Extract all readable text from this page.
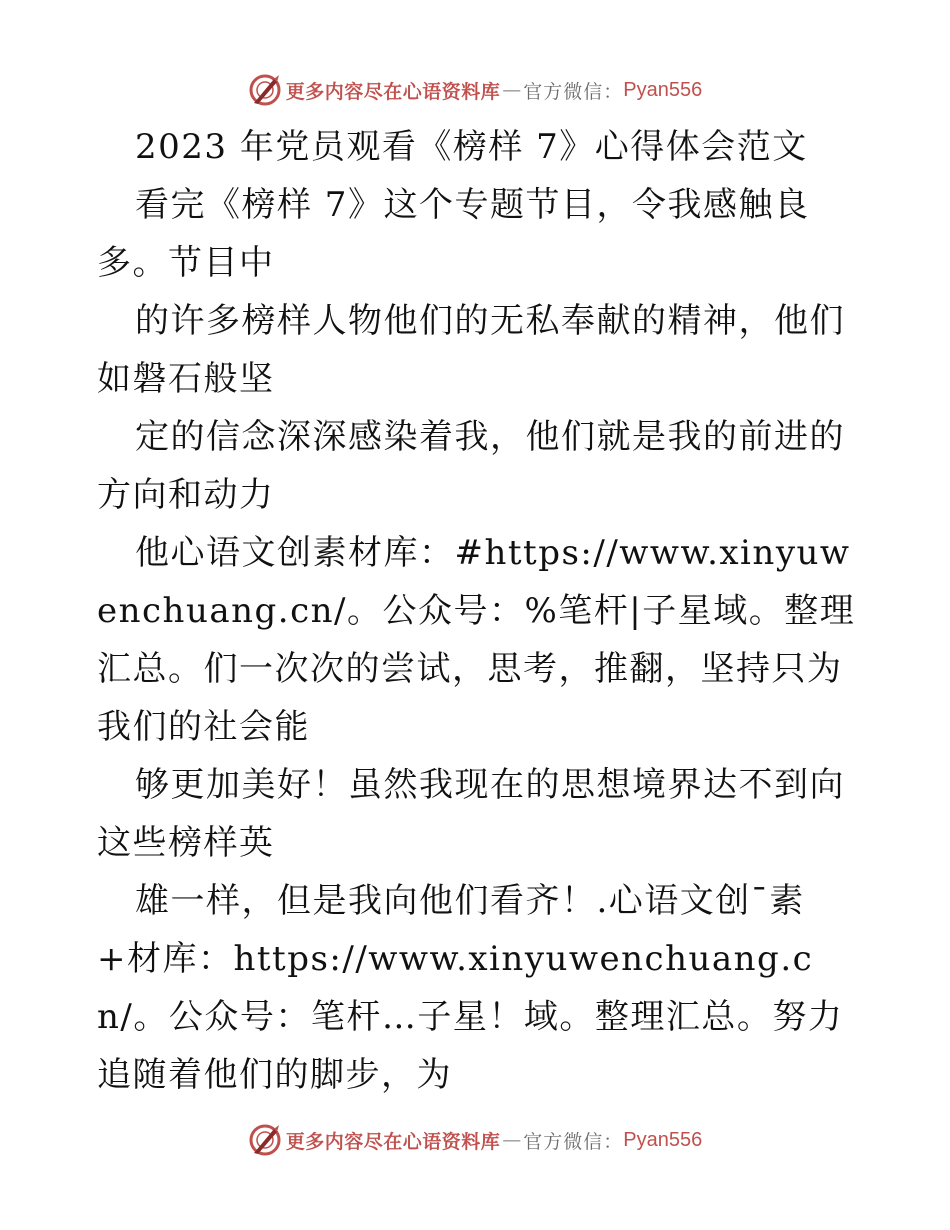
更多内容尽在心语资料库 — 官方微信： Pyan556

2023 年党员观看《榜样 7》心得体会范文

看完《榜样 7》这个专题节目，令我感触良多。节目中

的许多榜样人物他们的无私奉献的精神，他们如磐石般坚

定的信念深深感染着我，他们就是我的前进的方向和动力

他心语文创素材库：#https://www.xinyuwenchuang.cn/。公众号：%笔杆|子星域。整理汇总。们一次次的尝试，思考，推翻，坚持只为我们的社会能

够更加美好！虽然我现在的思想境界达不到向这些榜样英

雄一样，但是我向他们看齐！.心语文创¯素+材库：https://www.xinyuwenchuang.cn/。公众号：笔杆…子星！域。整理汇总。努力追随着他们的脚步，为

更多内容尽在心语资料库 — 官方微信： Pyan556
